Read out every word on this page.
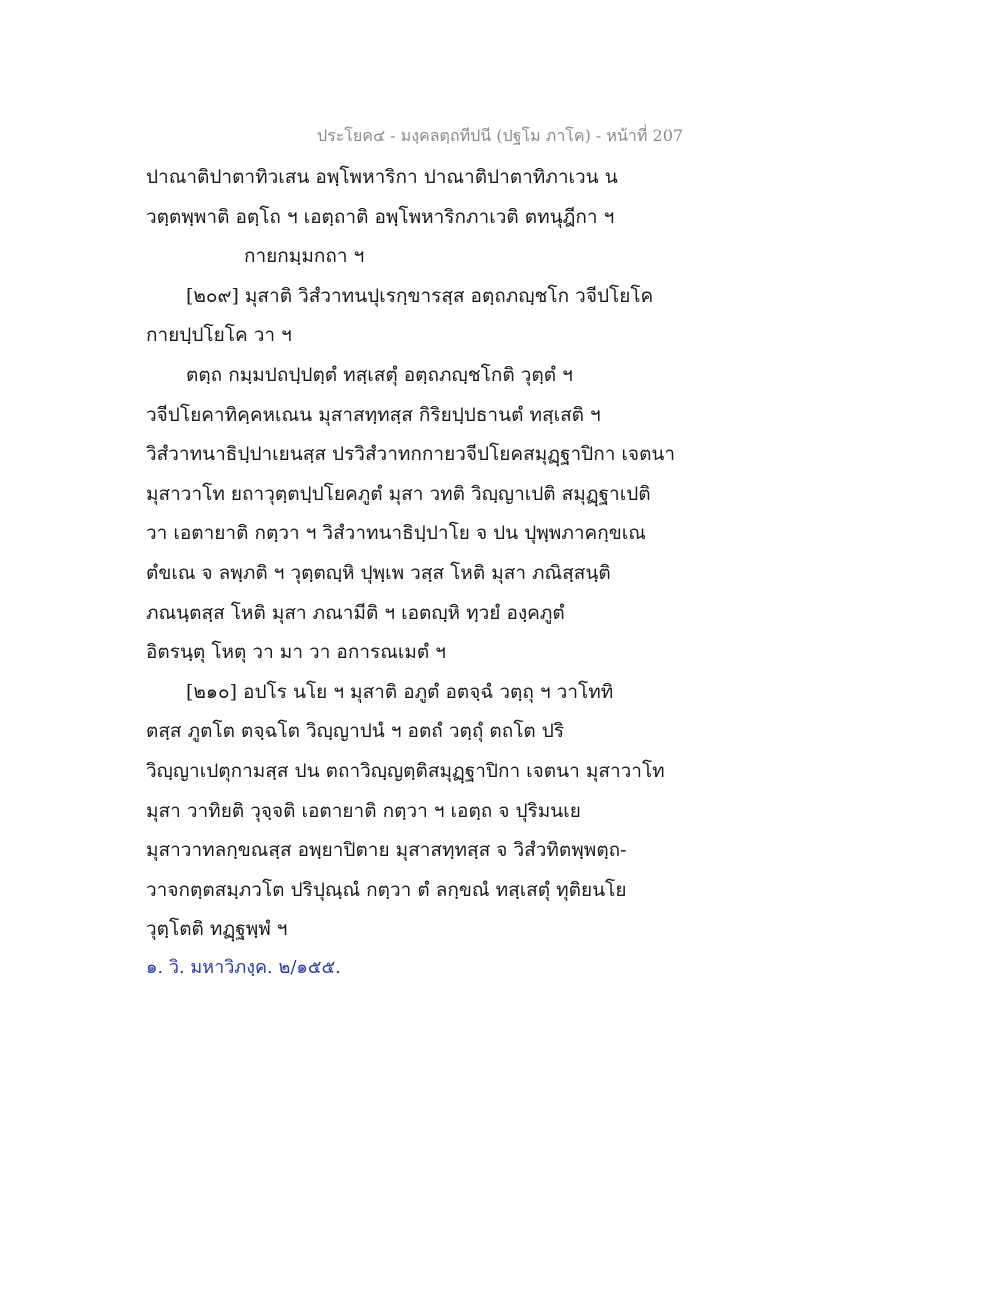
ประโยค๔ - มงฺคลตฺถทีปนี (ปฐโม ภาโค) - หน้าที่ 207
ปาณาติปาตาทิวเสน อพฺโพหาริกา ปาณาติปาตาทิภาเวน น
วตฺตพฺพาติ อตฺโถ ฯ เอตฺถาติ อพฺโพหาริกภาเวติ ตทนุฎีกา ฯ
กายกมฺมกถา ฯ
[๒๐๙] มุสาติ วิสํวาทนปุเรกฺขารสฺส อตฺถภญฺชโก วจีปโยโค
กายปฺปโยโค วา ฯ
ตตฺถ กมฺมปถปฺปตฺตํ ทสฺเสตุํ อตฺถภญฺชโกติ วุตฺตํ ฯ
วจีปโยคาทิคฺคหเณน มุสาสทฺทสฺส กิริยปฺปธานตํ ทสฺเสติ ฯ
วิสํวาทนาธิปฺปาเยนสฺส ปรวิสํวาทกกายวจีปโยคสมุฏฺฐาปิกา เจตนา
มุสาวาโท ยถาวุตฺตปฺปโยคภูตํ มุสา วทติ วิญฺญาเปติ สมุฏฺฐาเปติ
วา เอตายาติ กตฺวา ฯ วิสํวาทนาธิปฺปาโย จ ปน ปุพฺพภาคกฺขเณ
ตํขเณ จ ลพฺภติ ฯ วุตฺตญฺหิ ปุพฺเพ วสฺส โหติ มุสา ภณิสฺสนฺติ
ภณนฺตสฺส โหติ มุสา ภณามีติ ฯ เอตญฺหิ ทฺวยํ องฺคภูตํ
อิตรนฺตุ โหตุ วา มา วา อการณเมตํ ฯ
[๒๑๐] อปโร นโย ฯ มุสาติ อภูตํ อตจฺฉํ วตฺถุ ฯ วาโททิ
ตสฺส ภูตโต ตจฺฉโต วิญฺญาปนํ ฯ อตถํ วตฺถุํ ตถโต ปริ
วิญฺญาเปตุกามสฺส ปน ตถาวิญฺญตฺติสมุฏฺฐาปิกา เจตนา มุสาวาโท
มุสา วาทิยติ วุจฺจติ เอตายาติ กตฺวา ฯ เอตฺถ จ ปุริมนเย
มุสาวาทลกฺขณสฺส อพฺยาปิตาย มุสาสทฺทสฺส จ วิสํวทิตพฺพตฺถ-
วาจกตฺตสมฺภวโต ปริปุณฺณํ กตฺวา ตํ ลกฺขณํ ทสฺเสตุํ ทุติยนโย
วุตฺโตติ ทฏฺฐพฺพํ ฯ
๑. วิ. มหาวิภงฺค. ๒/๑๕๕.
